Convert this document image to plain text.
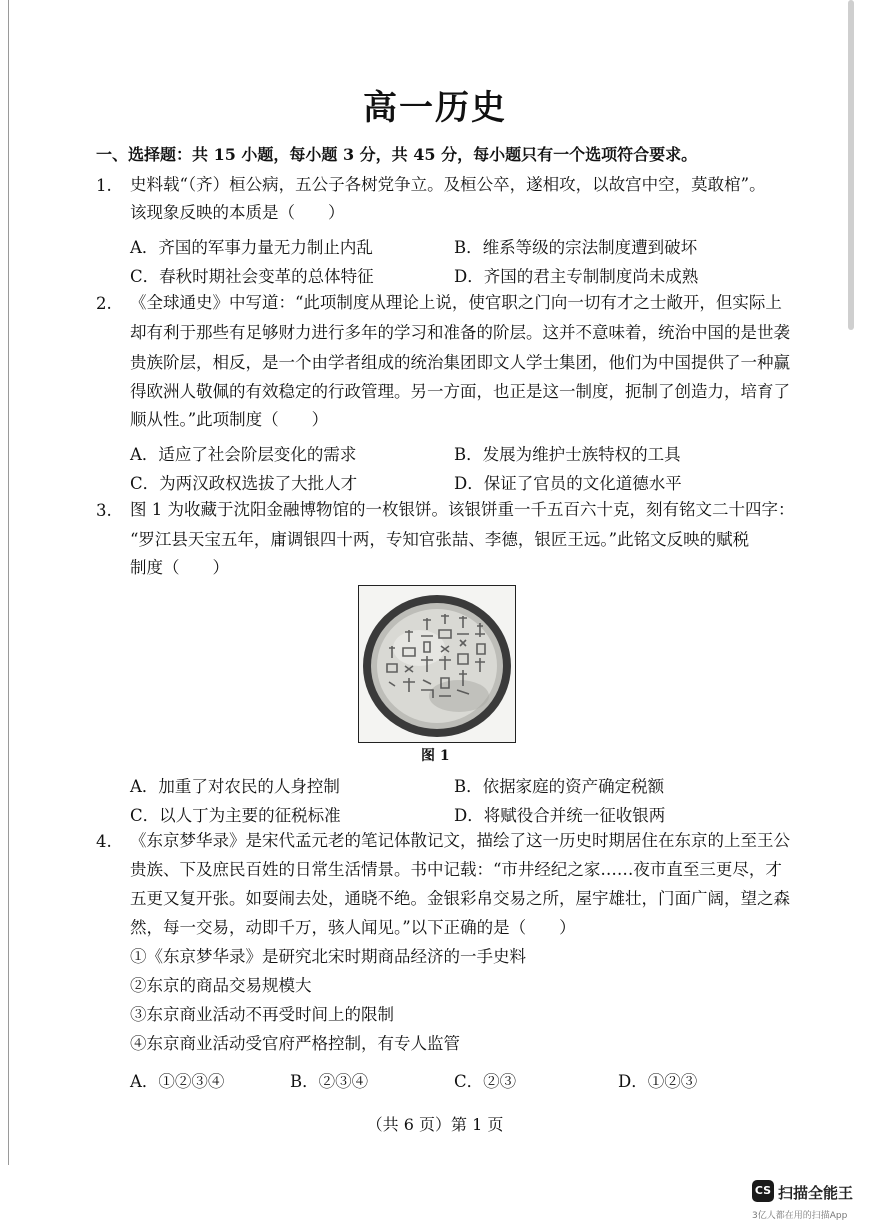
高一历史
一、选择题：共 15 小题，每小题 3 分，共 45 分，每小题只有一个选项符合要求。
1. 史料载“（齐）桓公病，五公子各树党争立。及桓公卒，遂相攻，以故宫中空，莫敢棺”。
该现象反映的本质是（　　）
A．齐国的军事力量无力制止内乱	B．维系等级的宗法制度遭到破坏
C．春秋时期社会变革的总体特征	D．齐国的君主专制制度尚未成熟
2. 《全球通史》中写道：“此项制度从理论上说，使官职之门向一切有才之士敞开，但实际上
却有利于那些有足够财力进行多年的学习和准备的阶层。这并不意味着，统治中国的是世袭
贵族阶层，相反，是一个由学者组成的统治集团即文人学士集团，他们为中国提供了一种赢
得欧洲人敬佩的有效稳定的行政管理。另一方面，也正是这一制度，扼制了创造力，培育了
顺从性。”此项制度（　　）
A．适应了社会阶层变化的需求	B．发展为维护士族特权的工具
C．为两汉政权选拔了大批人才	D．保证了官员的文化道德水平
3. 图 1 为收藏于沈阳金融博物馆的一枚银饼。该银饼重一千五百六十克，刻有铭文二十四字：
“罗江县天宝五年，庸调银四十两，专知官张喆、李德，银匠王远。”此铭文反映的赋税
制度（　　）
图 1
A．加重了对农民的人身控制	B．依据家庭的资产确定税额
C．以人丁为主要的征税标准	D．将赋役合并统一征收银两
4. 《东京梦华录》是宋代孟元老的笔记体散记文，描绘了这一历史时期居住在东京的上至王公
贵族、下及庶民百姓的日常生活情景。书中记载：“市井经纪之家……夜市直至三更尽，才
五更又复开张。如耍闹去处，通晓不绝。金银彩帛交易之所，屋宇雄壮，门面广阔，望之森
然，每一交易，动即千万，骇人闻见。”以下正确的是（　　）
①《东京梦华录》是研究北宋时期商品经济的一手史料
②东京的商品交易规模大
③东京商业活动不再受时间上的限制
④东京商业活动受官府严格控制，有专人监管
A．①②③④	B．②③④	C．②③	D．①②③
（共 6 页）第 1 页
CS 扫描全能王
3亿人都在用的扫描App
